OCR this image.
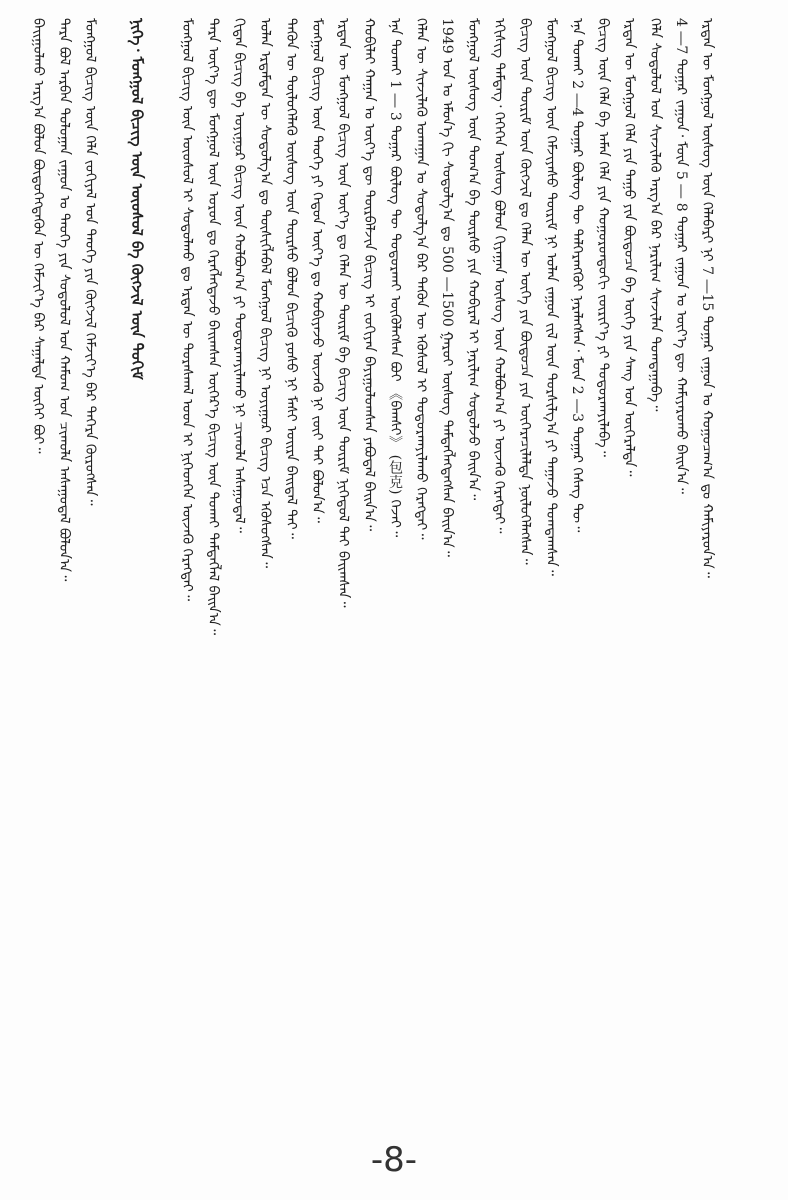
ᠪᠠᠢᠭᠤᠯᠬᠤ ᠠᠷᠭ᠎ᠠ ᠪᠤᠯᠤᠨ ᠪᠦᠲᠦᠭᠡᠭᠳᠡᠬᠦᠨ ᠦ ᠬᠡᠮᠵᠢᠶ᠎ᠡ ᠪᠠᠷ ᠰᠠᠭᠠᠯᠳᠠ ᠦᠭᠡᠢ ᠪᠤᠢ᠃ ᠲᠡᠷᠡ ᠪᠣᠯ ᠠᠷᠪᠠᠨ ᠳᠣᠯᠣᠭᠠᠨ ᠵᠠᠭᠤᠨ ᠤ ᠲᠡᠦᠬᠡ ᠶᠢᠨ ᠰᠤᠳᠤᠯᠤᠯ ᠤᠨ ᠬᠠᠮᠤᠭ ᠤᠨ ᠴᠢᠬᠤᠯᠠ ᠠᠰᠠᠭᠤᠳᠠᠯ ᠪᠣᠯᠤᠨ᠎ᠠ᠃ ᠮᠣᠩᠭᠣᠯ ᠪᠢᠴᠢᠭ ᠦᠨ ᠬᠡᠯᠡ ᠵᠣᠬᠢᠶᠠᠯ ᠤᠨ ᠲᠡᠦᠬᠡ ᠶᠢᠨ ᠬᠦᠭᠵᠢᠯ ᠬᠡᠮᠵᠢᠶ᠎ᠡ ᠪᠠᠷ ᠳᠡᠭᠡᠷᠡ ᠬᠦᠷᠦᠭᠰᠡᠨ᠃ ᠨᠢᠭᠡ᠂ ᠮᠣᠩᠭᠣᠯ ᠪᠢᠴᠢᠭ ᠦᠨ ᠦᠦᠰᠦᠯ ᠪᠠ ᠬᠥᠭᠵᠢᠯ ᠦᠨ ᠲᠣᠭᠢᠮ ᠮᠣᠩᠭᠣᠯ ᠪᠢᠴᠢᠭ ᠦᠨ ᠦᠦᠰᠦᠯ ᠢ ᠰᠤᠳᠤᠯᠬᠤ ᠳᠤ ᠡᠷᠲᠡᠨ ᠦ ᠳᠤᠷᠠᠰᠬᠠᠯ ᠤᠳ ᠢ ᠨᠢᠭᠡᠳᠬᠡᠨ ᠦᠵᠡᠬᠦ ᠬᠡᠷᠡᠭᠲᠡᠢ᠃ ᠲᠡᠷᠡ ᠦᠶ᠎ᠡ ᠳᠦ ᠮᠣᠩᠭᠣᠯ ᠦᠨ ᠣᠷᠣᠨ ᠳᠤ ᠬᠡᠷᠡᠭᠯᠡᠭᠳᠡᠵᠦ ᠪᠠᠢᠭᠰᠠᠨ ᠥᠭᠡᠷ᠎ᠡ ᠪᠢᠴᠢᠭ ᠦᠨ ᠲᠤᠬᠠᠢ ᠲᠡᠮᠳᠡᠭᠯᠡᠯ ᠪᠠᠢᠨ᠎ᠠ᠃ ᠬᠢᠳᠠᠨ ᠪᠢᠴᠢᠭ ᠪᠠ ᠤᠶᠢᠭᠤᠷ ᠪᠢᠴᠢᠭ ᠦᠨ ᠬᠣᠯᠪᠣᠭ᠎ᠠ ᠶᠢ ᠲᠣᠳᠣᠷᠬᠠᠶᠢᠯᠠᠬᠤ ᠨᠢ ᠴᠢᠬᠤᠯᠠ ᠠᠰᠠᠭᠤᠳᠠᠯ᠃ ᠣᠯᠠᠨ ᠡᠷᠳᠡᠮᠲᠡᠨ ᠦ ᠰᠤᠳᠤᠯᠭ᠎ᠠ ᠳᠤ ᠲᠦᠰᠢᠭᠯᠡᠪᠡᠯ ᠮᠣᠩᠭᠣᠯ ᠪᠢᠴᠢᠭ ᠨᠢ ᠤᠶᠢᠭᠤᠷ ᠪᠢᠴᠢᠭ ᠡᠴᠡ ᠡᠭᠦᠰᠦᠭᠰᠡᠨ᠃ ᠲᠡᠭᠦᠨ ᠦ ᠲᠦᠯᠦᠭᠡᠯᠡᠬᠦ ᠦᠰᠦᠭ ᠦᠨ ᠳᠦᠷᠰᠦ ᠪᠣᠯᠤᠨ ᠪᠢᠴᠢᠬᠦ ᠶᠣᠰᠣ ᠨᠢ ᠮᠠᠰᠢ ᠣᠢᠷᠠ ᠪᠠᠢᠳᠠᠯ ᠲᠠᠢ᠃ ᠮᠣᠩᠭᠣᠯ ᠪᠢᠴᠢᠭ ᠦᠨ ᠲᠡᠦᠬᠡ ᠶᠢ ᠬᠡᠳᠦᠨ ᠦᠶ᠎ᠡ ᠳᠤ ᠬᠤᠪᠢᠶᠠᠵᠤ ᠦᠵᠡᠬᠦ ᠨᠢ ᠵᠦᠢ ᠲᠠᠢ ᠪᠣᠯᠤᠨ᠎ᠠ᠃ ᠡᠷᠲᠡᠨ ᠦ ᠮᠣᠩᠭᠣᠯ ᠪᠢᠴᠢᠭ ᠦᠨ ᠦᠶ᠎ᠡ ᠳᠤ ᠬᠡᠯᠡᠨ ᠦ ᠳᠦᠷᠢᠮ ᠪᠠ ᠪᠢᠴᠢᠭ ᠦᠨ ᠳᠦᠷᠢᠮ ᠨᠢᠭᠡᠳᠦᠯ ᠲᠠᠢ ᠪᠠᠢᠭᠰᠠᠨ᠃ ᠬᠤᠪᠢᠯᠠᠢ ᠬᠠᠭᠠᠨ ᠤ ᠦᠶ᠎ᠡ ᠳᠦ ᠳᠦᠷᠪᠡᠯᠵᠢᠨ ᠪᠢᠴᠢᠭ ᠢ ᠵᠣᠬᠢᠶᠠᠨ ᠪᠠᠶᠢᠭᠤᠯᠤᠭᠰᠠᠨ ᠶᠠᠪᠤᠳᠠᠯ ᠪᠠᠢᠨ᠎ᠠ᠃ ᠡᠨᠡ ᠲᠤᠬᠠᠢ 1 ― 3 ᠳᠤᠭᠠᠷ ᠪᠦᠯᠦᠭ ᠲᠦ ᠲᠣᠳᠣᠷᠬᠠᠢ ᠦᠭᠦᠯᠡᠭᠰᠡᠨ ᠪᠤᠢ 《ᠪᠠᠭᠰᠢ》 (包克) ᠭᠡᠵᠡᠢ᠃ ᠬᠡᠯᠡᠨ ᠦ ᠰᠢᠨᠵᠢᠯᠡᠬᠦ ᠤᠬᠠᠭᠠᠨ ᠤ ᠰᠤᠳᠤᠯᠭ᠎ᠠ ᠪᠠᠷ ᠲᠡᠭᠦᠨ ᠦ ᠡᠭᠦᠰᠦᠯ ᠢ ᠲᠣᠳᠣᠷᠬᠠᠶᠢᠯᠠᠬᠤ ᠬᠡᠷᠡᠭᠲᠡᠢ᠃ 1949 ᠣᠨ ᠤ ᠡᠮᠦᠨ᠎ᠡ ᠬᠢ ᠰᠤᠳᠤᠯᠭ᠎ᠠ ᠳᠤ 500 ―1500 ᠭᠠᠷᠤᠢ ᠦᠰᠦᠭ ᠲᠡᠮᠳᠡᠭᠯᠡᠭᠳᠡᠭᠰᠡᠨ ᠪᠠᠢᠨ᠎ᠠ᠃ ᠮᠣᠩᠭᠣᠯ ᠦᠰᠦᠭ ᠦᠨ ᠲᠣᠭ᠎ᠠ ᠪᠠ ᠳᠦᠷᠰᠦ ᠶᠢᠨ ᠬᠤᠪᠢᠷᠠᠯ ᠢ ᠨᠠᠷᠢᠯᠢᠭ ᠰᠤᠳᠤᠯᠵᠤ ᠪᠠᠢᠨ᠎ᠠ᠃ ᠡᠭᠢᠰᠢᠭ ᠲᠡᠮᠳᠡᠭ᠂ ᠭᠡᠭᠡᠭᠡᠨ ᠦᠰᠦᠭ ᠪᠣᠯᠤᠨ ᠭᠢᠶᠠᠭᠠᠨ ᠦᠰᠦᠭ ᠦᠨ ᠬᠣᠯᠪᠣᠭ᠎ᠠ ᠶᠢ ᠦᠵᠡᠬᠦ ᠬᠡᠷᠡᠭᠲᠡᠢ᠃ ᠪᠢᠴᠢᠭ ᠦᠨ ᠳᠦᠷᠢᠮ ᠦᠨ ᠬᠦᠭᠵᠢᠯ ᠳᠤ ᠬᠡᠯᠡᠨ ᠦ ᠦᠭᠡ ᠶᠢᠨ ᠪᠦᠲᠦᠴᠡ ᠶᠢᠨ ᠥᠭᠡᠷᠡᠴᠢᠯᠡᠯᠲᠡ ᠨᠥᠯᠦᠭᠡᠯᠡᠭᠰᠡᠨ᠃ ᠮᠣᠩᠭᠣᠯ ᠪᠢᠴᠢᠭ ᠦᠨ ᠬᠡᠮᠵᠢᠶᠡᠰᠦ ᠳᠦᠷᠢᠮ ᠨᠢ ᠣᠯᠠᠨ ᠵᠠᠭᠤᠨ ᠵᠢᠯ ᠦᠨ ᠲᠤᠷᠰᠢᠯᠭ᠎ᠠ ᠶᠢ ᠳᠠᠭᠠᠵᠤ ᠲᠣᠭᠲᠠᠭᠰᠠᠨ᠃ ᠡᠨᠡ ᠲᠤᠬᠠᠢ 2 ―4 ᠳᠤᠭᠠᠷ ᠪᠦᠯᠦᠭ ᠲᠦ ᠳᠡᠯᠭᠡᠷᠡᠩᠭᠦᠢ ᠨᠡᠷᠡᠯᠡᠭᠰᠡᠨ᠂ ᠮᠥᠨ 2 ―3 ᠳᠤᠭᠠᠷ ᠬᠡᠰᠡᠭ ᠲᠦ᠃ ᠪᠢᠴᠢᠭ ᠦᠨ ᠬᠡᠯᠡ ᠪᠠ ᠠᠮᠠᠨ ᠬᠡᠯᠡ ᠶᠢᠨ ᠬᠣᠭᠣᠷᠣᠨᠳᠤᠬᠢ ᠵᠥᠷᠢᠶ᠎ᠡ ᠶᠢ ᠲᠣᠳᠣᠷᠬᠠᠶᠢᠯᠠᠪᠠ᠃ ᠡᠷᠲᠡᠨ ᠦ ᠮᠣᠩᠭᠣᠯ ᠬᠡᠯᠡ ᠶᠢᠨ ᠳᠠᠭᠤ ᠶᠢᠨ ᠪᠦᠲᠦᠴᠡ ᠪᠠ ᠦᠭᠡ ᠶᠢᠨ ᠰᠠᠩ ᠤᠨ ᠥᠭᠡᠷᠡᠯᠲᠡ᠃ ᠬᠡᠯᠡ ᠰᠤᠳᠤᠯᠤᠯ ᠤᠨ ᠰᠢᠨᠵᠢᠯᠡᠬᠦ ᠠᠷᠭ᠎ᠠ ᠪᠠᠷ ᠨᠠᠷᠢᠯᠢᠭ ᠰᠢᠨᠵᠢᠯᠡᠨ ᠲᠣᠭᠲᠠᠭᠠᠪᠠ᠃ 4 ―7 ᠳᠤᠭᠠᠷ ᠵᠠᠭᠤᠨ᠂ ᠮᠥᠨ 5 ― 8 ᠳᠤᠭᠠᠷ ᠵᠠᠭᠤᠨ ᠤ ᠦᠶ᠎ᠡ ᠳᠦ ᠬᠠᠮᠢᠶᠠᠷᠤᠬᠤ ᠪᠠᠢᠨ᠎ᠠ᠃ ᠡᠷᠲᠡᠨ ᠦ ᠮᠣᠩᠭᠣᠯ ᠦᠰᠦᠭ ᠦᠨ ᠬᠡᠯᠡᠪᠡᠷᠢ ᠨᠢ 7 ―15 ᠳᠤᠭᠠᠷ ᠵᠠᠭᠤᠨ ᠤ ᠬᠤᠭᠤᠴᠠᠭ᠎ᠠ ᠳᠤ ᠬᠠᠮᠢᠶᠠᠷᠤᠨ᠎ᠠ᠃
-8-
